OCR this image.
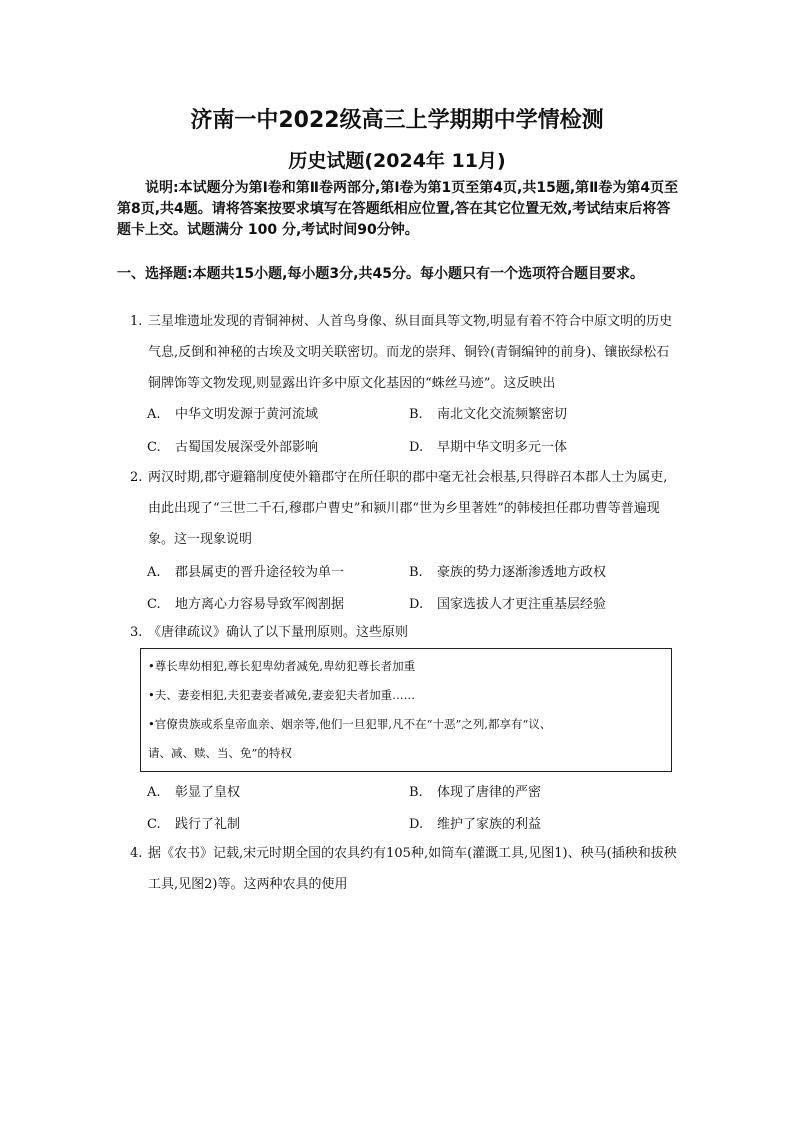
济南一中2022级高三上学期期中学情检测
历史试题(2024年 11月)

说明:本试题分为第Ⅰ卷和第Ⅱ卷两部分,第Ⅰ卷为第1页至第4页,共15题,第Ⅱ卷为第4页至第8页,共4题。请将答案按要求填写在答题纸相应位置,答在其它位置无效,考试结束后将答题卡上交。试题满分 100 分,考试时间90分钟。

一、选择题:本题共15小题,每小题3分,共45分。每小题只有一个选项符合题目要求。

1. 三星堆遗址发现的青铜神树、人首鸟身像、纵目面具等文物,明显有着不符合中原文明的历史气息,反倒和神秘的古埃及文明关联密切。而龙的崇拜、铜铃(青铜编钟的前身)、镶嵌绿松石铜牌饰等文物发现,则显露出许多中原文化基因的“蛛丝马迹”。这反映出

A. 中华文明发源于黄河流域	B. 南北文化交流频繁密切
C. 古蜀国发展深受外部影响	D. 早期中华文明多元一体

2. 两汉时期,郡守避籍制度使外籍郡守在所任职的郡中毫无社会根基,只得辟召本郡人士为属吏,由此出现了“三世二千石,穆郡户曹史”和颍川郡“世为乡里著姓”的韩棱担任郡功曹等普遍现象。这一现象说明

A. 郡县属吏的晋升途径较为单一	B. 豪族的势力逐渐渗透地方政权
C. 地方离心力容易导致军阀割据	D. 国家选拔人才更注重基层经验

3. 《唐律疏议》确认了以下量刑原则。这些原则

•尊长卑幼相犯,尊长犯卑幼者减免,卑幼犯尊长者加重

•夫、妻妾相犯,夫犯妻妾者减免,妻妾犯夫者加重……

•官僚贵族或系皇帝血亲、姻亲等,他们一旦犯罪,凡不在“十恶”之列,都享有“议、

请、减、赎、当、免”的特权

A. 彰显了皇权	B. 体现了唐律的严密
C. 践行了礼制	D. 维护了家族的利益

4. 据《农书》记载,宋元时期全国的农具约有105种,如筒车(灌溉工具,见图1)、秧马(插秧和拔秧工具,见图2)等。这两种农具的使用
